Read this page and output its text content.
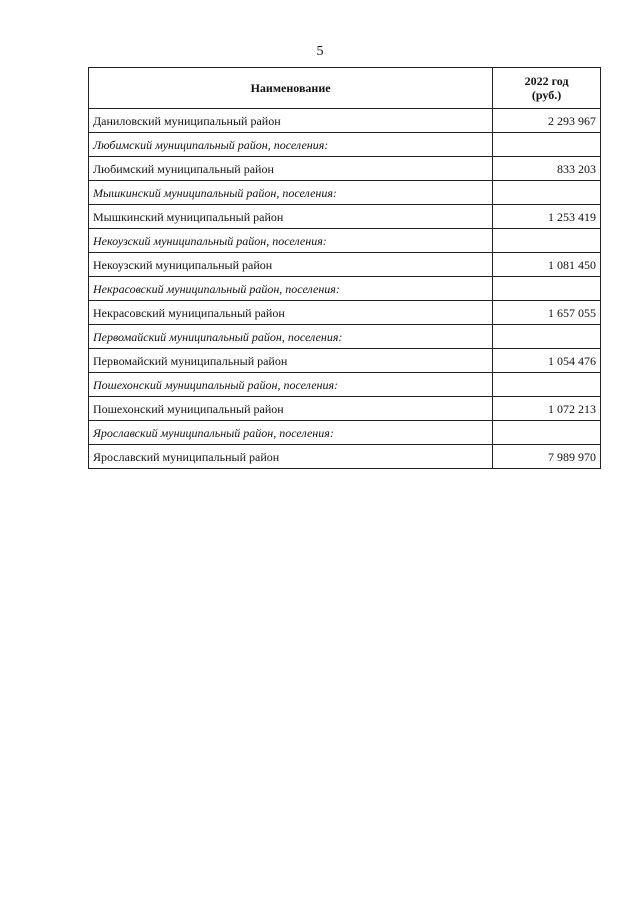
5
Наименование	2022 год
(руб.)
Даниловский муниципальный район	2 293 967
Любимский муниципальный район, поселения:	
Любимский муниципальный район	833 203
Мышкинский муниципальный район, поселения:	
Мышкинский муниципальный район	1 253 419
Некоузский муниципальный район, поселения:	
Некоузский муниципальный район	1 081 450
Некрасовский муниципальный район, поселения:	
Некрасовский муниципальный район	1 657 055
Первомайский муниципальный район, поселения:	
Первомайский муниципальный район	1 054 476
Пошехонский муниципальный район, поселения:	
Пошехонский муниципальный район	1 072 213
Ярославский муниципальный район, поселения:	
Ярославский муниципальный район	7 989 970
